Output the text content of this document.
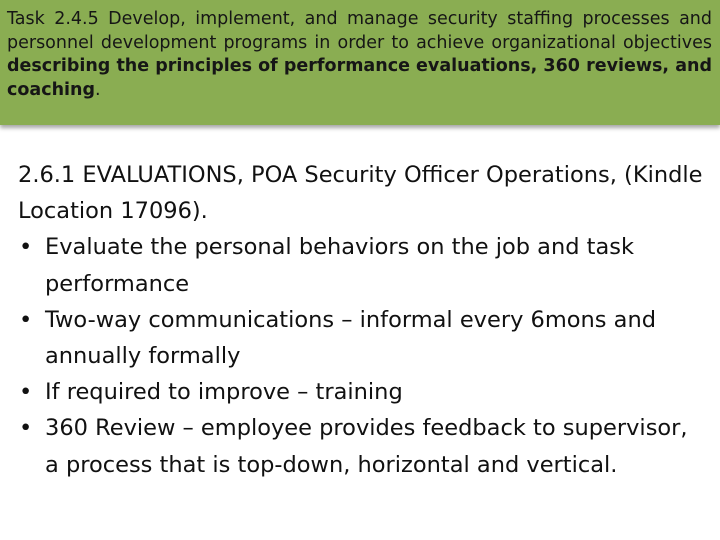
Task 2.4.5 Develop, implement, and manage security staffing processes and personnel development programs in order to achieve organizational objectives describing the principles of performance evaluations, 360 reviews, and coaching.

2.6.1 EVALUATIONS, POA Security Officer Operations, (Kindle Location 17096).

• Evaluate the personal behaviors on the job and task performance
• Two-way communications – informal every 6mons and annually formally
• If required to improve – training
• 360 Review – employee provides feedback to supervisor, a process that is top-down, horizontal and vertical.
